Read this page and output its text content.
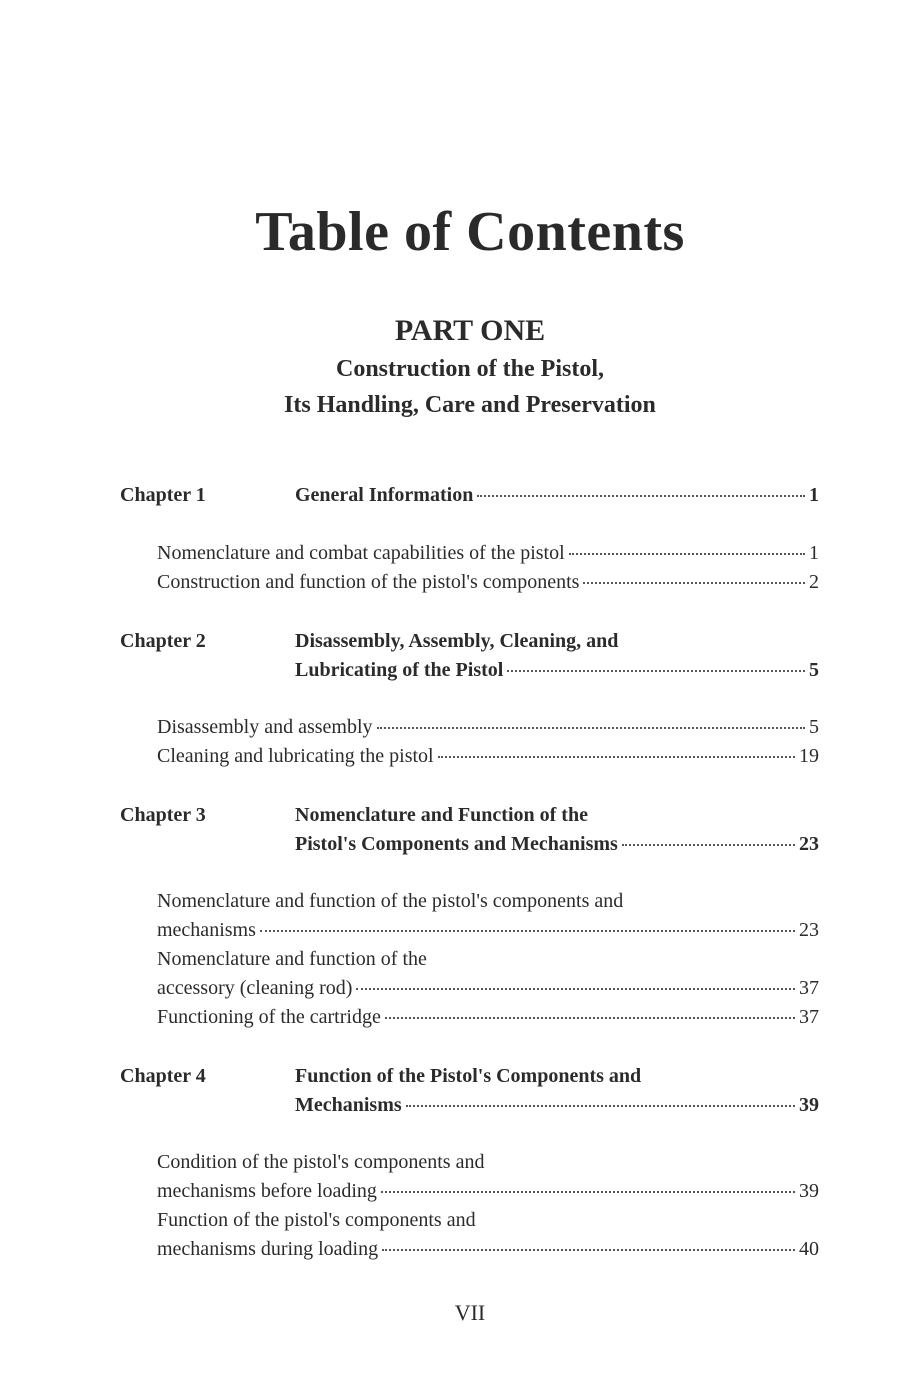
Table of Contents
PART ONE
Construction of the Pistol,
Its Handling, Care and Preservation
Chapter 1	General Information	1
Nomenclature and combat capabilities of the pistol	1
Construction and function of the pistol's components	2
Chapter 2	Disassembly, Assembly, Cleaning, and
Lubricating of the Pistol	5
Disassembly and assembly	5
Cleaning and lubricating the pistol	19
Chapter 3	Nomenclature and Function of the
Pistol's Components and Mechanisms	23
Nomenclature and function of the pistol's components and
mechanisms	23
Nomenclature and function of the
accessory (cleaning rod)	37
Functioning of the cartridge	37
Chapter 4	Function of the Pistol's Components and
Mechanisms	39
Condition of the pistol's components and
mechanisms before loading	39
Function of the pistol's components and
mechanisms during loading	40
VII
